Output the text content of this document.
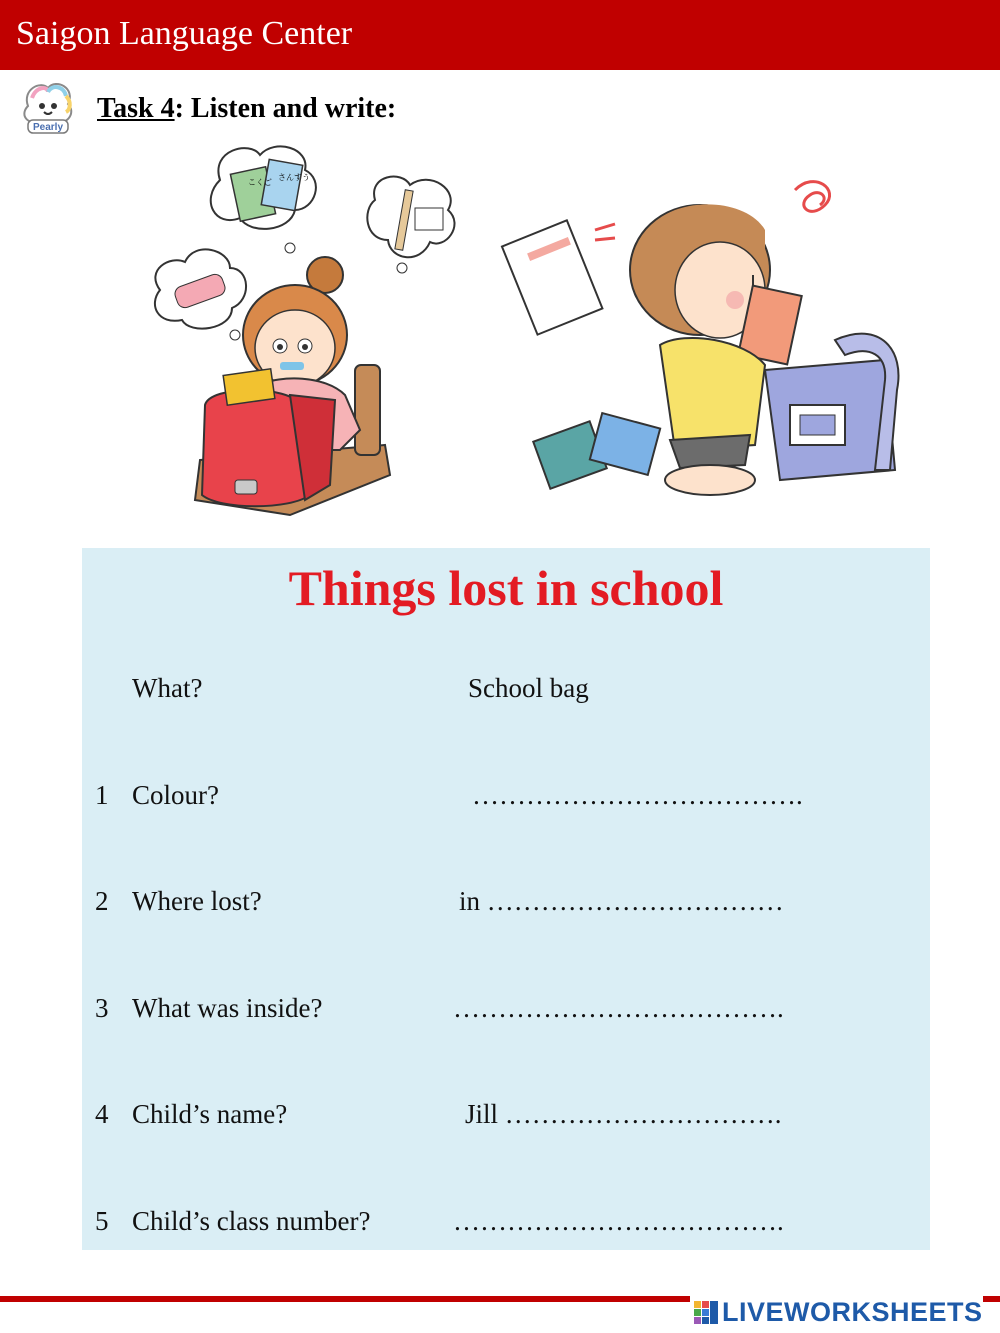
Saigon Language Center
Pearly
Task 4: Listen and write:
こくご
さんすう
Things lost in school
What?	School bag
1 Colour?	……………………………….
2 Where lost?	in ……………………………
3 What was inside?	……………………………….
4 Child’s name?	Jill ………………………….
5 Child’s class number?	……………………………….
LIVEWORKSHEETS
